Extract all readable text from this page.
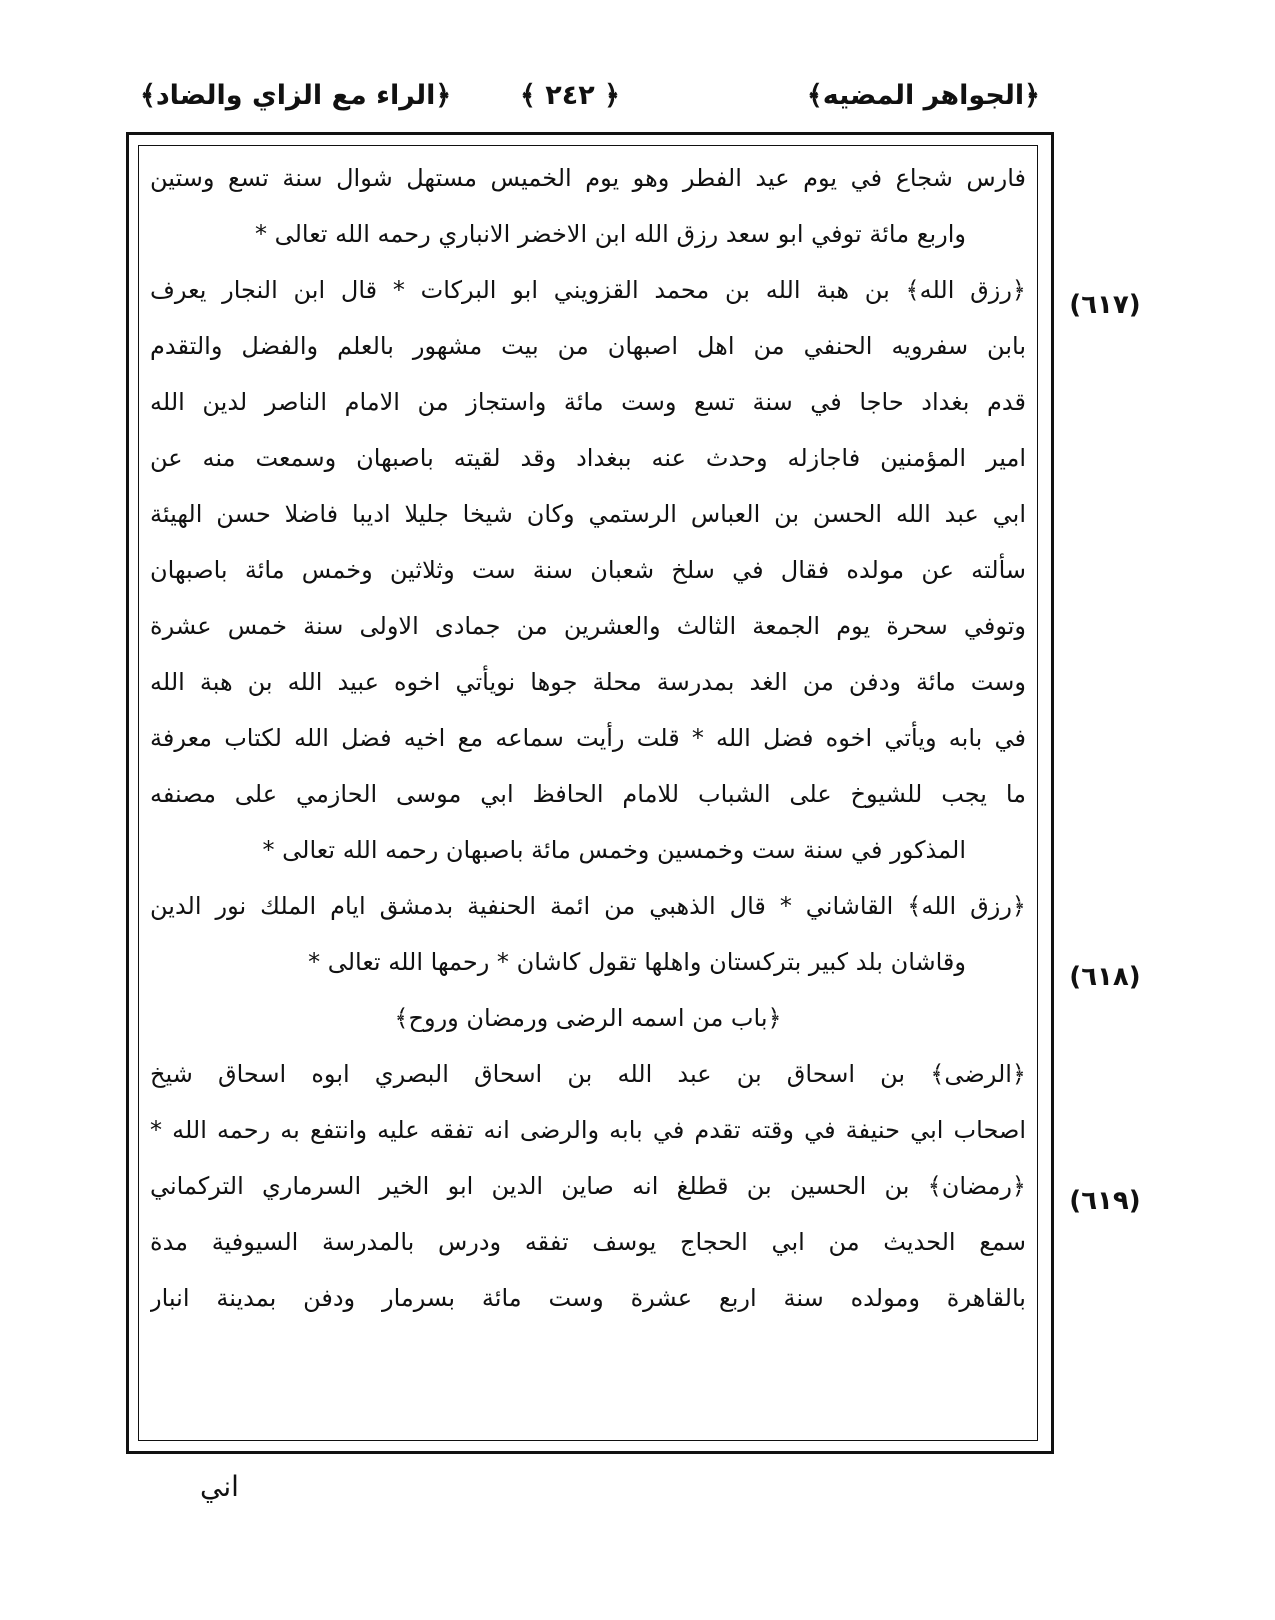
﴿الجواهر المضيه﴾
﴿ ٢٤٢ ﴾
﴿الراء مع الزاي والضاد﴾
فارس شجاع في يوم عيد الفطر وهو يوم الخميس مستهل شوال سنة تسع وستين
واربع مائة توفي ابو سعد رزق الله ابن الاخضر الانباري رحمه الله تعالى *
﴿رزق الله﴾ بن هبة الله بن محمد القزويني ابو البركات * قال ابن النجار يعرف
بابن سفرويه الحنفي من اهل اصبهان من بيت مشهور بالعلم والفضل والتقدم
قدم بغداد حاجا في سنة تسع وست مائة واستجاز من الامام الناصر لدين الله
امير المؤمنين فاجازله وحدث عنه ببغداد وقد لقيته باصبهان وسمعت منه عن
ابي عبد الله الحسن بن العباس الرستمي وكان شيخا جليلا اديبا فاضلا حسن الهيئة
سألته عن مولده فقال في سلخ شعبان سنة ست وثلاثين وخمس مائة باصبهان
وتوفي سحرة يوم الجمعة الثالث والعشرين من جمادى الاولى سنة خمس عشرة
وست مائة ودفن من الغد بمدرسة محلة جوها نويأتي اخوه عبيد الله بن هبة الله
في بابه ويأتي اخوه فضل الله * قلت رأيت سماعه مع اخيه فضل الله لكتاب معرفة
ما يجب للشيوخ على الشباب للامام الحافظ ابي موسى الحازمي على مصنفه
المذكور في سنة ست وخمسين وخمس مائة باصبهان رحمه الله تعالى *
﴿رزق الله﴾ القاشاني * قال الذهبي من ائمة الحنفية بدمشق ايام الملك نور الدين
وقاشان بلد كبير بتركستان واهلها تقول كاشان * رحمها الله تعالى *
﴿باب من اسمه الرضى ورمضان وروح﴾
﴿الرضى﴾ بن اسحاق بن عبد الله بن اسحاق البصري ابوه اسحاق شيخ
اصحاب ابي حنيفة في وقته تقدم في بابه والرضى انه تفقه عليه وانتفع به رحمه الله *
﴿رمضان﴾ بن الحسين بن قطلغ انه صاين الدين ابو الخير السرماري التركماني
سمع الحديث من ابي الحجاج يوسف تفقه ودرس بالمدرسة السيوفية مدة
بالقاهرة ومولده سنة اربع عشرة وست مائة بسرمار ودفن بمدينة انبار
(٦١٧)
(٦١٨)
(٦١٩)
اني
